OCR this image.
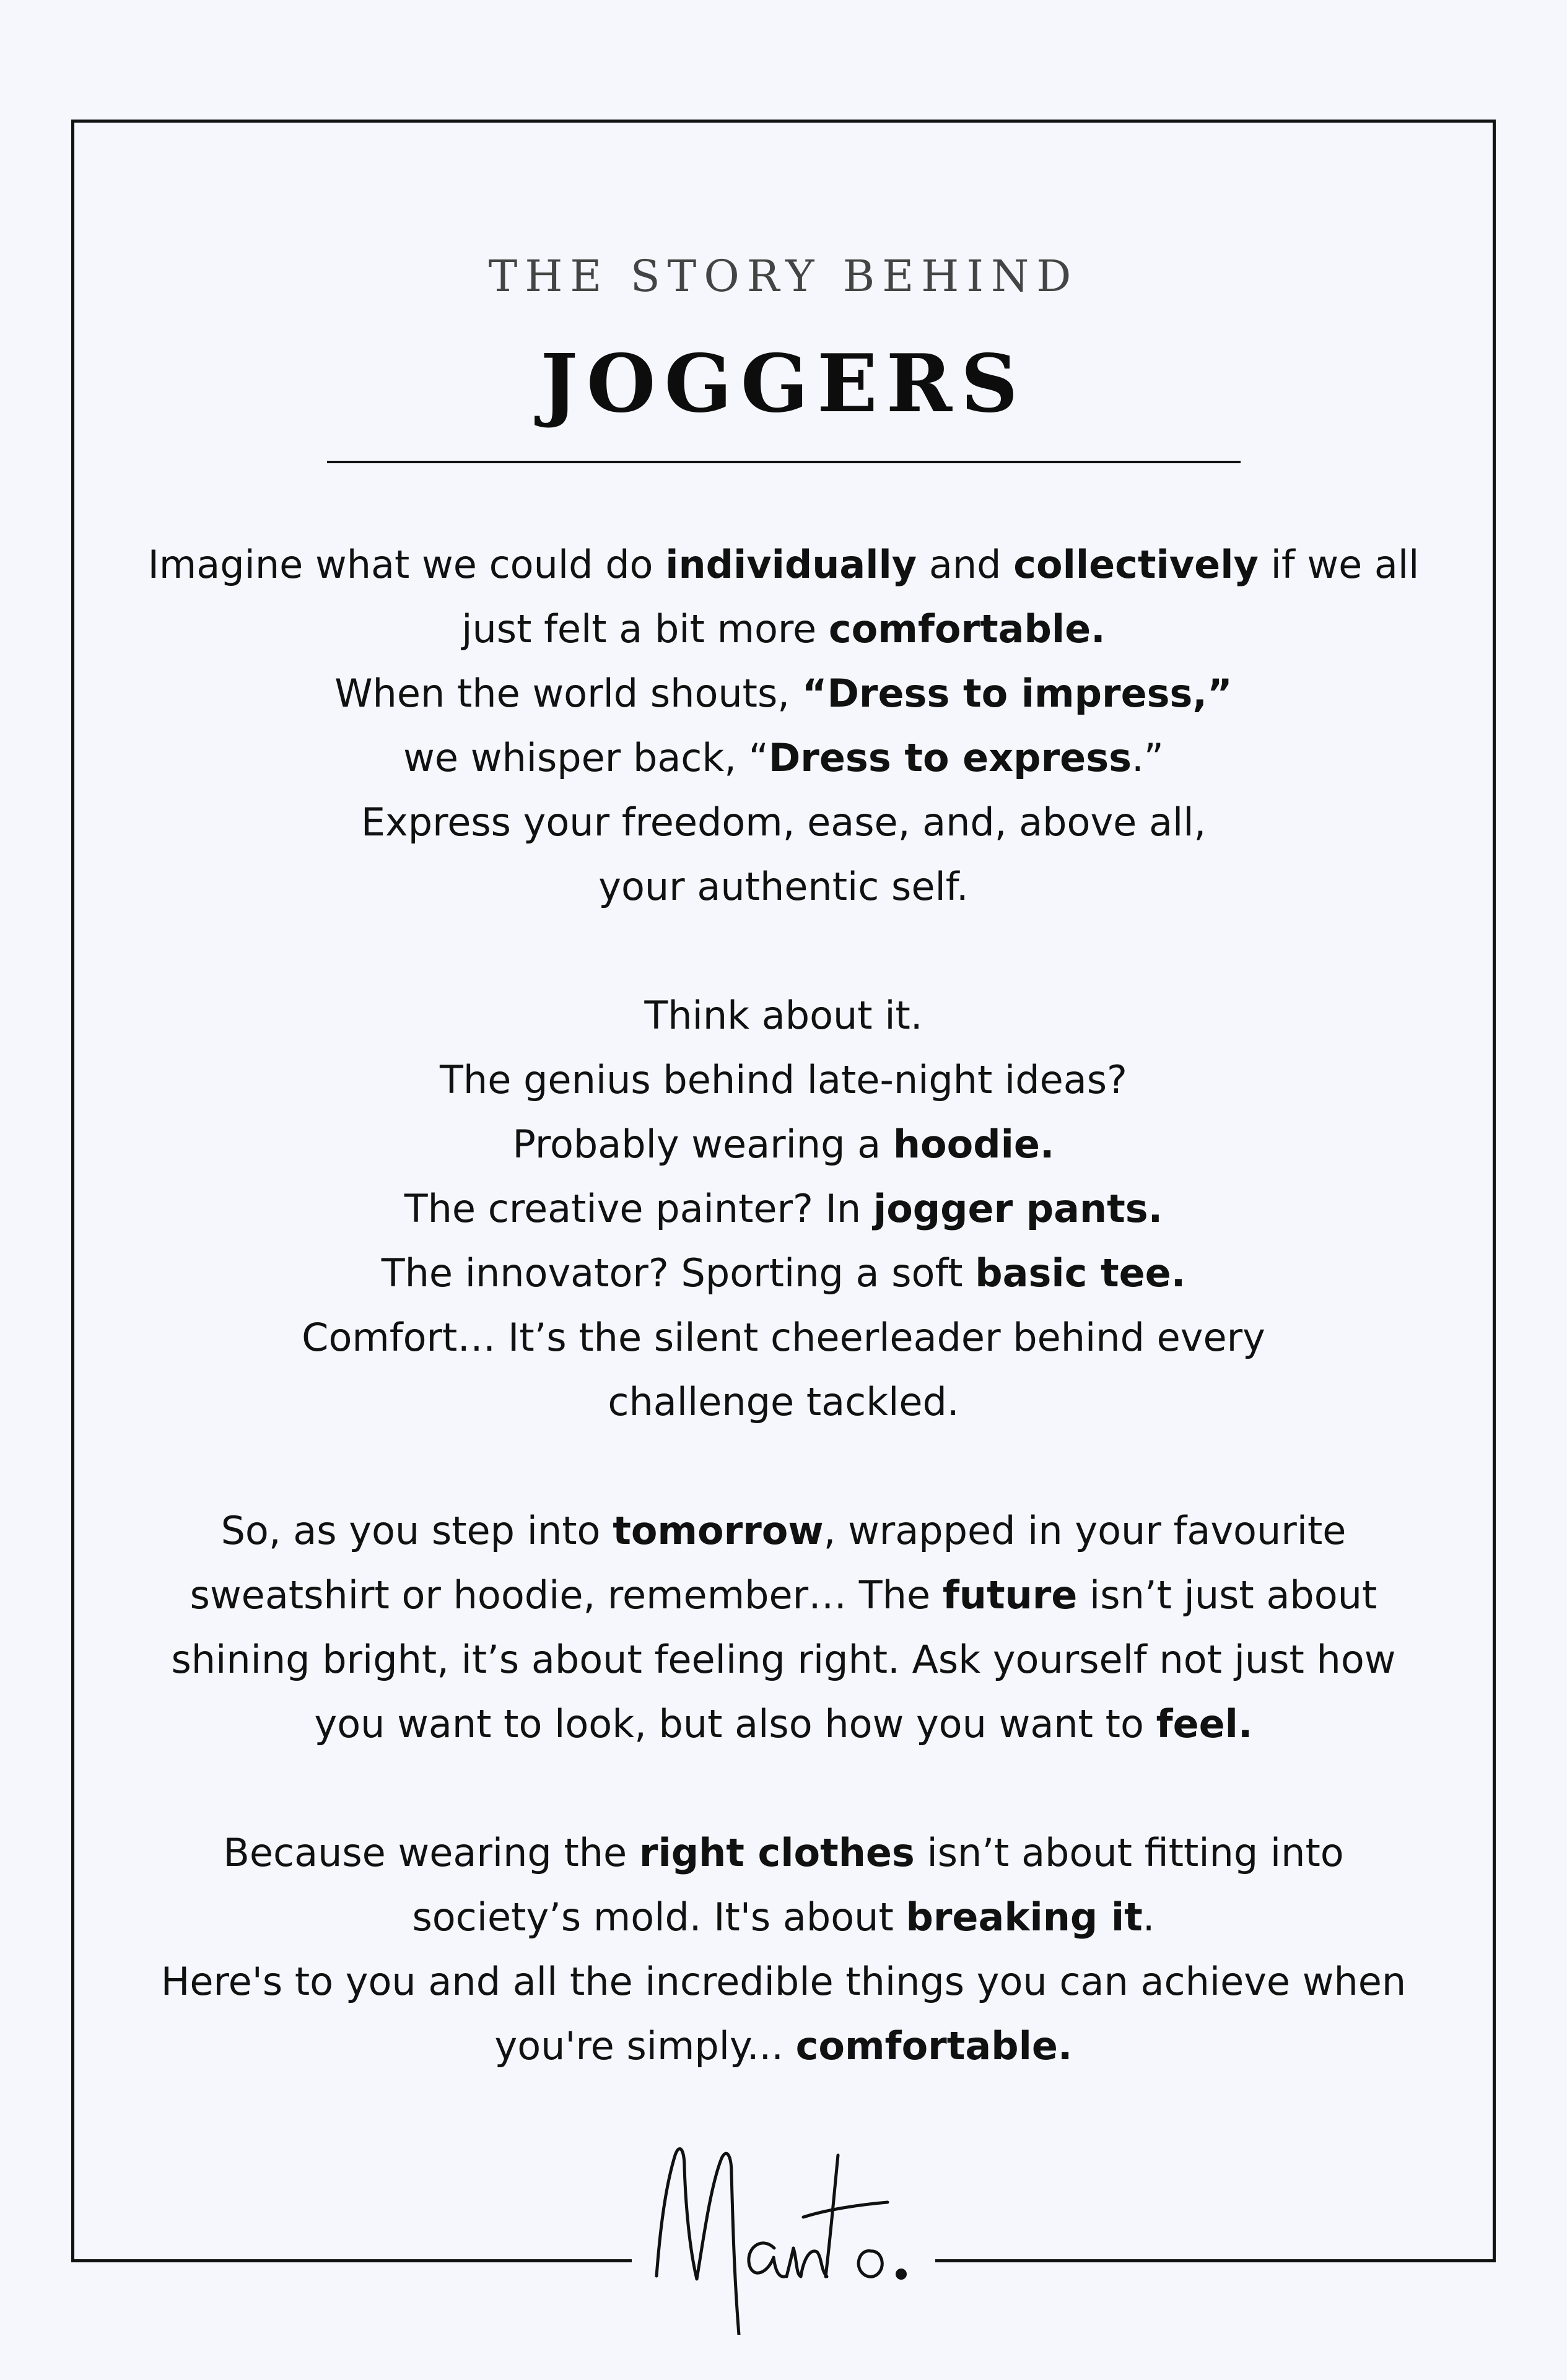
THE STORY BEHIND
JOGGERS

Imagine what we could do individually and collectively if we all
just felt a bit more comfortable.
When the world shouts, “Dress to impress,”
we whisper back, “Dress to express.”
Express your freedom, ease, and, above all,
your authentic self.

Think about it.
The genius behind late-night ideas?
Probably wearing a hoodie.
The creative painter? In jogger pants.
The innovator? Sporting a soft basic tee.
Comfort… It’s the silent cheerleader behind every
challenge tackled.

So, as you step into tomorrow, wrapped in your favourite
sweatshirt or hoodie, remember… The future isn’t just about
shining bright, it’s about feeling right. Ask yourself not just how
you want to look, but also how you want to feel.

Because wearing the right clothes isn’t about fitting into
society’s mold. It's about breaking it.
Here's to you and all the incredible things you can achieve when
you're simply... comfortable.
